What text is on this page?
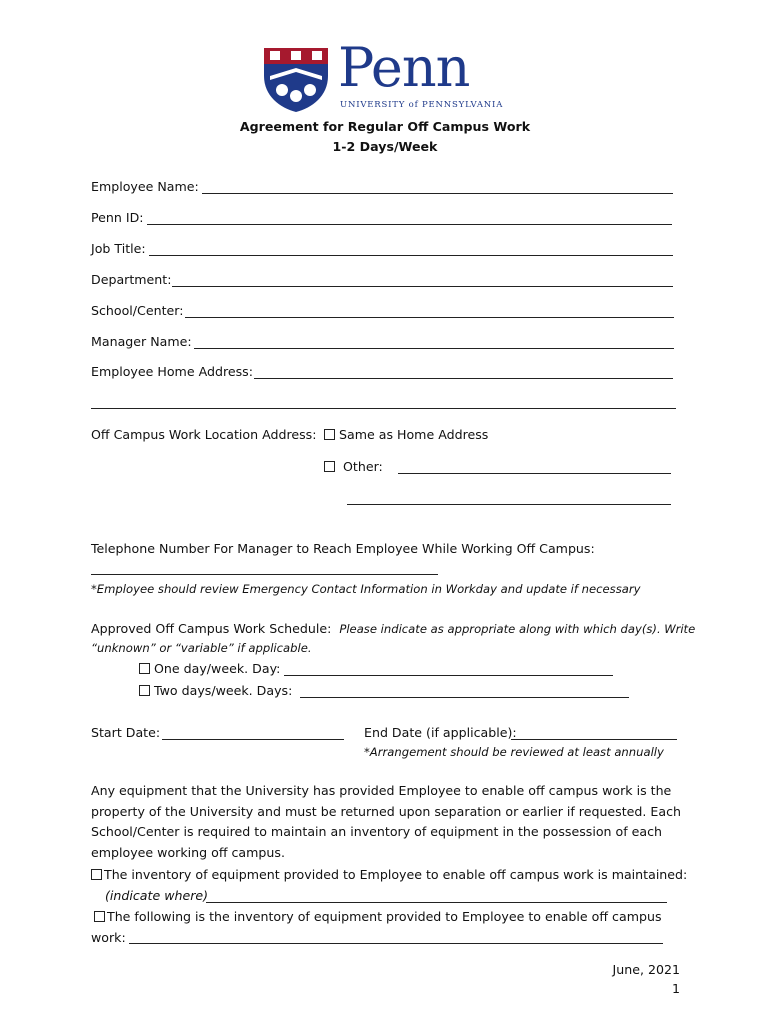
Penn
UNIVERSITY of PENNSYLVANIA
Agreement for Regular Off Campus Work
1-2 Days/Week
Employee Name:
Penn ID:
Job Title:
Department:
School/Center:
Manager Name:
Employee Home Address:
Off Campus Work Location Address:	Same as Home Address
Other:
Telephone Number For Manager to Reach Employee While Working Off Campus:
*Employee should review Emergency Contact Information in Workday and update if necessary
Approved Off Campus Work Schedule: Please indicate as appropriate along with which day(s). Write
“unknown” or “variable” if applicable.
One day/week. Day:
Two days/week. Days:
Start Date:	End Date (if applicable):
*Arrangement should be reviewed at least annually
Any equipment that the University has provided Employee to enable off campus work is the property of the University and must be returned upon separation or earlier if requested. Each School/Center is required to maintain an inventory of equipment in the possession of each employee working off campus.
The inventory of equipment provided to Employee to enable off campus work is maintained:
(indicate where)
The following is the inventory of equipment provided to Employee to enable off campus
work:
June, 2021
1
